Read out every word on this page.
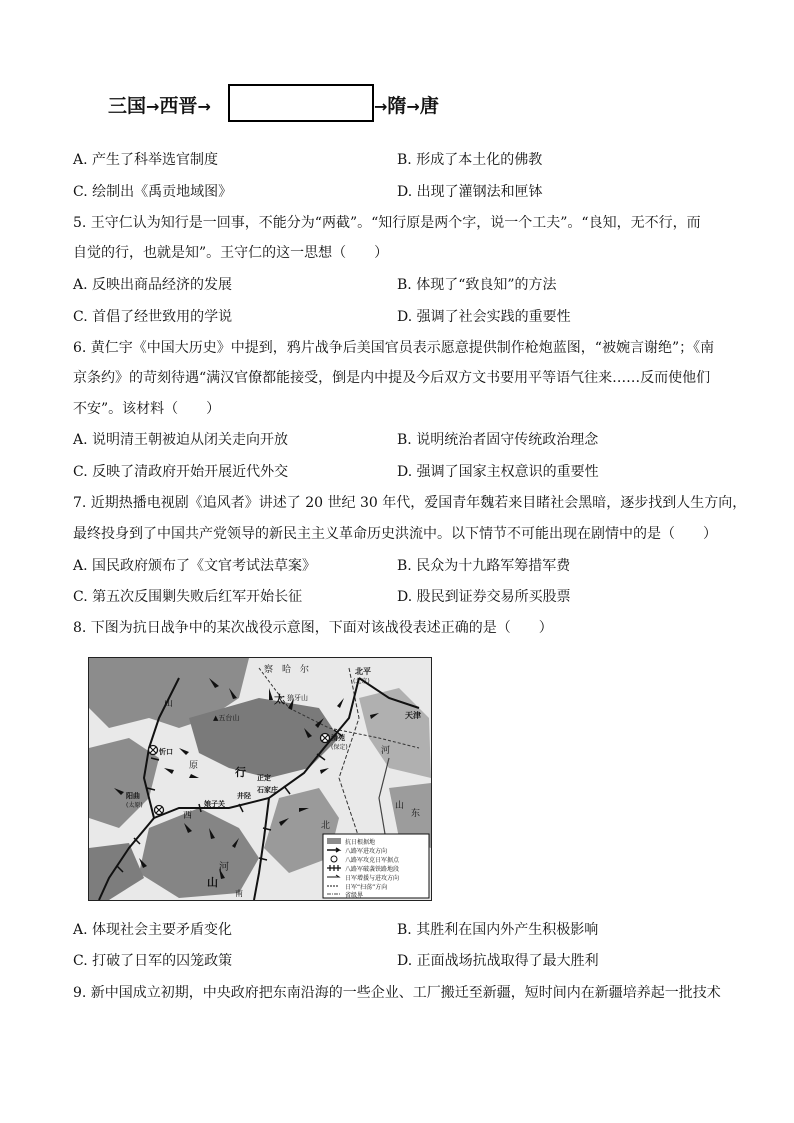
三国→西晋→	→隋→唐
A. 产生了科举选官制度	B. 形成了本土化的佛教
C. 绘制出《禹贡地域图》	D. 出现了灌钢法和匣钵
5. 王守仁认为知行是一回事，不能分为“两截”。“知行原是两个字，说一个工夫”。“良知，无不行，而
自觉的行，也就是知”。王守仁的这一思想（　　）
A. 反映出商品经济的发展	B. 体现了“致良知”的方法
C. 首倡了经世致用的学说	D. 强调了社会实践的重要性
6. 黄仁宇《中国大历史》中提到，鸦片战争后美国官员表示愿意提供制作枪炮蓝图，“被婉言谢绝”；《南
京条约》的苛刻待遇“满汉官僚都能接受，倒是内中提及今后双方文书要用平等语气往来……反而使他们
不安”。该材料（　　）
A. 说明清王朝被迫从闭关走向开放	B. 说明统治者固守传统政治理念
C. 反映了清政府开始开展近代外交	D. 强调了国家主权意识的重要性
7. 近期热播电视剧《追风者》讲述了 20 世纪 30 年代，爱国青年魏若来目睹社会黑暗，逐步找到人生方向，
最终投身到了中国共产党领导的新民主主义革命历史洪流中。以下情节不可能出现在剧情中的是（　　）
A. 国民政府颁布了《文官考试法草案》	B. 民众为十九路军筹措军费
C. 第五次反围剿失败后红军开始长征	D. 股民到证券交易所买股票
8. 下图为抗日战争中的某次战役示意图，下面对该战役表述正确的是（　　）
察　哈　尔	北平
(北京)
天津
▲五台山
狼牙山
清苑
(保定)
忻口
阳曲
(太原)	娘子关
井陉
正定
石家庄
行
太
山
河
北
东
西
山
山
原
南
河
抗日根据地
八路军进攻方向
八路军攻克日军据点
八路军破袭铁路地段
日军增援与进攻方向
日军“扫荡”方向
省级界
A. 体现社会主要矛盾变化	B. 其胜利在国内外产生积极影响
C. 打破了日军的囚笼政策	D. 正面战场抗战取得了最大胜利
9. 新中国成立初期，中央政府把东南沿海的一些企业、工厂搬迁至新疆，短时间内在新疆培养起一批技术
